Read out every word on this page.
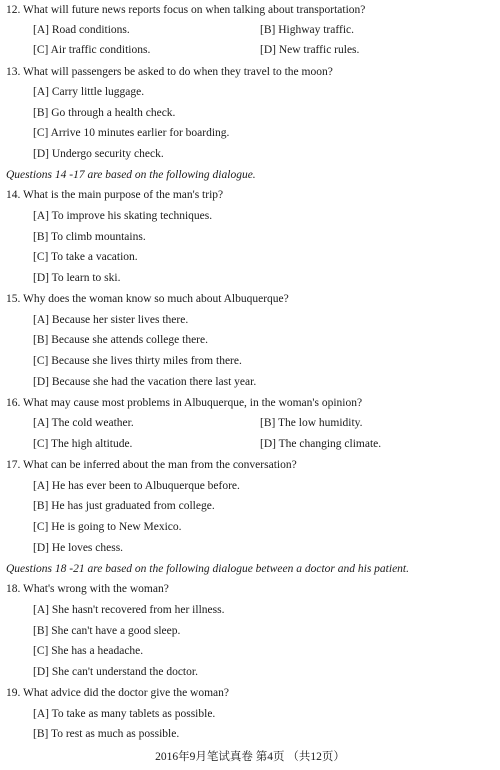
12. What will future news reports focus on when talking about transportation?
[A] Road conditions.	[B] Highway traffic.
[C] Air traffic conditions.	[D] New traffic rules.
13. What will passengers be asked to do when they travel to the moon?
[A] Carry little luggage.
[B] Go through a health check.
[C] Arrive 10 minutes earlier for boarding.
[D] Undergo security check.
Questions 14 -17 are based on the following dialogue.
14. What is the main purpose of the man's trip?
[A] To improve his skating techniques.
[B] To climb mountains.
[C] To take a vacation.
[D] To learn to ski.
15. Why does the woman know so much about Albuquerque?
[A] Because her sister lives there.
[B] Because she attends college there.
[C] Because she lives thirty miles from there.
[D] Because she had the vacation there last year.
16. What may cause most problems in Albuquerque, in the woman's opinion?
[A] The cold weather.	[B] The low humidity.
[C] The high altitude.	[D] The changing climate.
17. What can be inferred about the man from the conversation?
[A] He has ever been to Albuquerque before.
[B] He has just graduated from college.
[C] He is going to New Mexico.
[D] He loves chess.
Questions 18 -21 are based on the following dialogue between a doctor and his patient.
18. What's wrong with the woman?
[A] She hasn't recovered from her illness.
[B] She can't have a good sleep.
[C] She has a headache.
[D] She can't understand the doctor.
19. What advice did the doctor give the woman?
[A] To take as many tablets as possible.
[B] To rest as much as possible.
2016年9月笔试真卷 第4页 （共12页）
